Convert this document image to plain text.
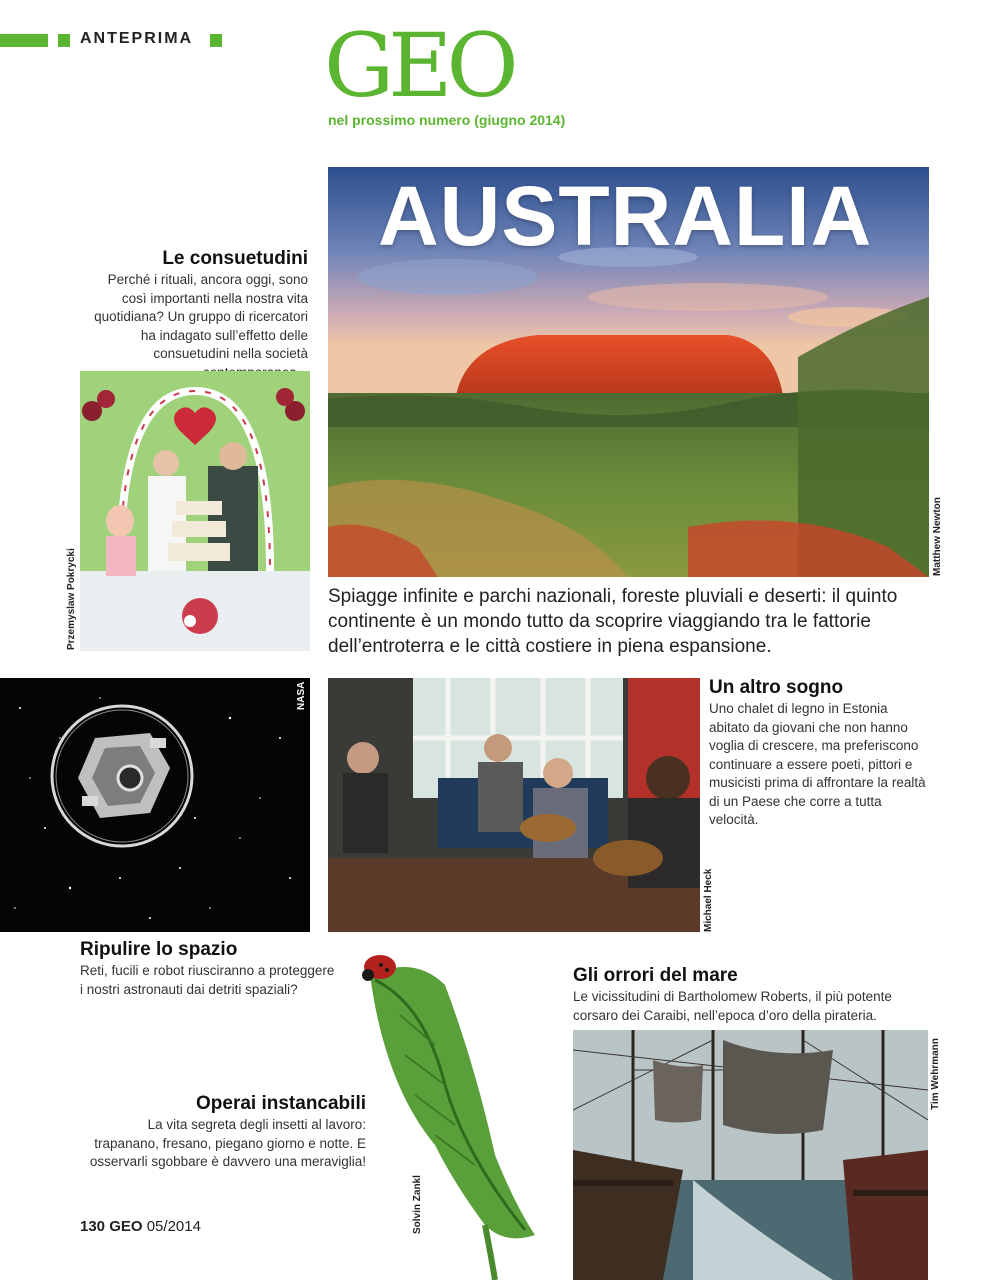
ANTEPRIMA GEO
nel prossimo numero (giugno 2014)
AUSTRALIA
Matthew Newton
Spiagge infinite e parchi nazionali, foreste pluviali e deserti: il quinto continente è un mondo tutto da scoprire viaggiando tra le fattorie dell’entroterra e le città costiere in piena espansione.
Le consuetudini
Perché i rituali, ancora oggi, sono così importanti nella nostra vita quotidiana? Un gruppo di ricercatori ha indagato sull’effetto delle consuetudini nella società
Przemyslaw Pokrycki
NASA
Michael Heck
Un altro sogno
Uno chalet di legno in Estonia abitato da giovani che non hanno voglia di crescere, ma preferiscono continuare a essere poeti, pittori e musicisti prima di affrontare la realtà di un Paese che corre a tutta velocità.
Ripulire lo spazio
Reti, fucili e robot riusciranno a proteggere i nostri astronauti dai detriti spaziali?
Solvin Zankl
Operai instancabili
La vita segreta degli insetti al lavoro: trapanano, fresano, piegano giorno e notte. E osservarli sgobbare è davvero una meraviglia!
Gli orrori del mare
Le vicissitudini di Bartholomew Roberts, il più potente corsaro dei Caraibi, nell’epoca d’oro della pirateria.
Tim Wehrmann
130 GEO 05/2014
